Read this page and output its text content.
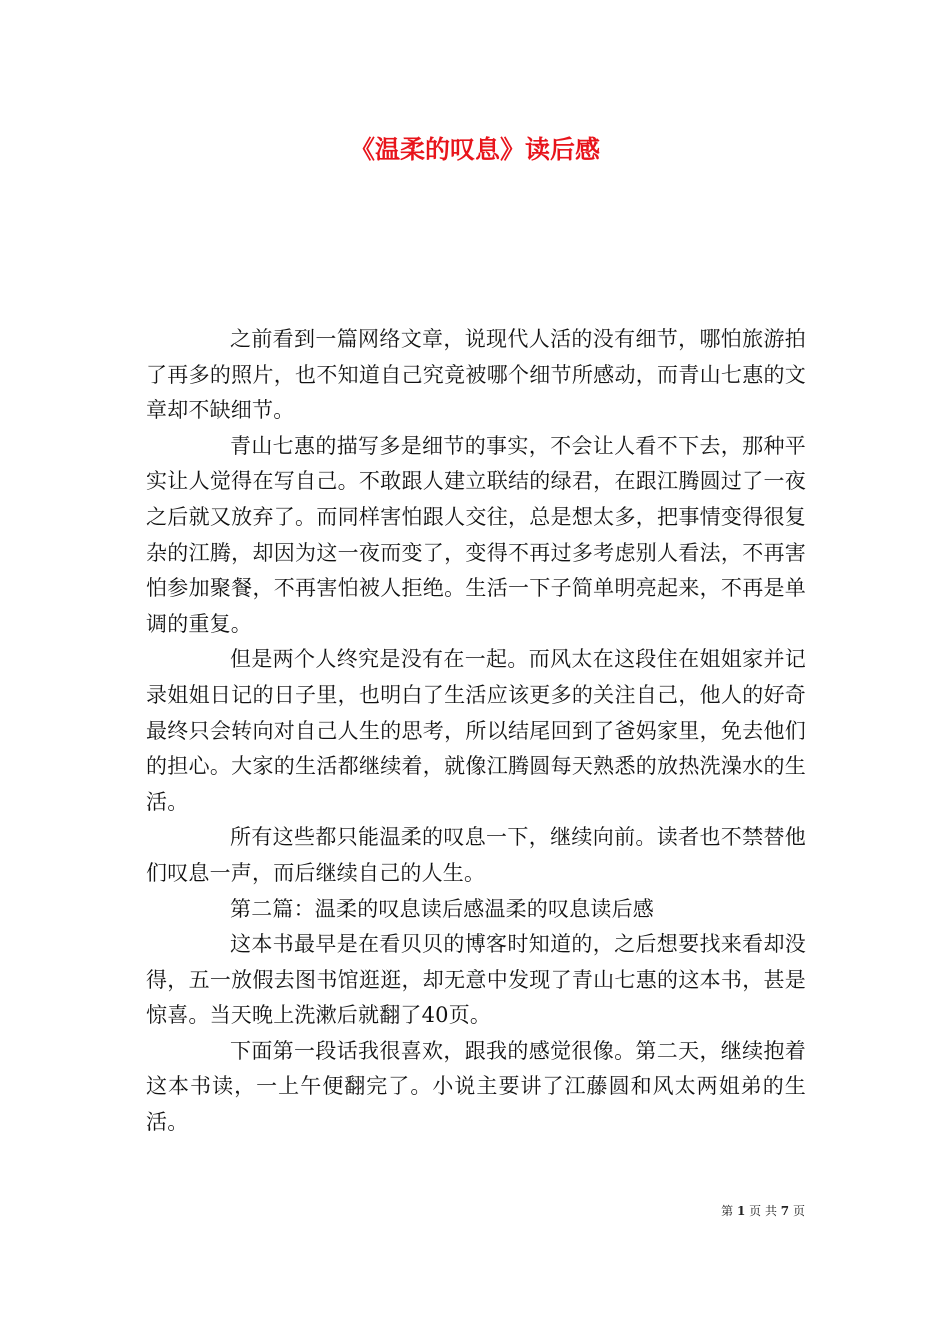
《温柔的叹息》读后感

之前看到一篇网络文章，说现代人活的没有细节，哪怕旅游拍了再多的照片，也不知道自己究竟被哪个细节所感动，而青山七惠的文章却不缺细节。

青山七惠的描写多是细节的事实，不会让人看不下去，那种平实让人觉得在写自己。不敢跟人建立联结的绿君，在跟江腾圆过了一夜之后就又放弃了。而同样害怕跟人交往，总是想太多，把事情变得很复杂的江腾，却因为这一夜而变了，变得不再过多考虑别人看法，不再害怕参加聚餐，不再害怕被人拒绝。生活一下子简单明亮起来，不再是单调的重复。

但是两个人终究是没有在一起。而风太在这段住在姐姐家并记录姐姐日记的日子里，也明白了生活应该更多的关注自己，他人的好奇最终只会转向对自己人生的思考，所以结尾回到了爸妈家里，免去他们的担心。大家的生活都继续着，就像江腾圆每天熟悉的放热洗澡水的生活。

所有这些都只能温柔的叹息一下，继续向前。读者也不禁替他们叹息一声，而后继续自己的人生。

第二篇：温柔的叹息读后感温柔的叹息读后感

这本书最早是在看贝贝的博客时知道的，之后想要找来看却没得，五一放假去图书馆逛逛，却无意中发现了青山七惠的这本书，甚是惊喜。当天晚上洗漱后就翻了40页。

下面第一段话我很喜欢，跟我的感觉很像。第二天，继续抱着这本书读，一上午便翻完了。小说主要讲了江藤圆和风太两姐弟的生活。

第 1 页 共 7 页
